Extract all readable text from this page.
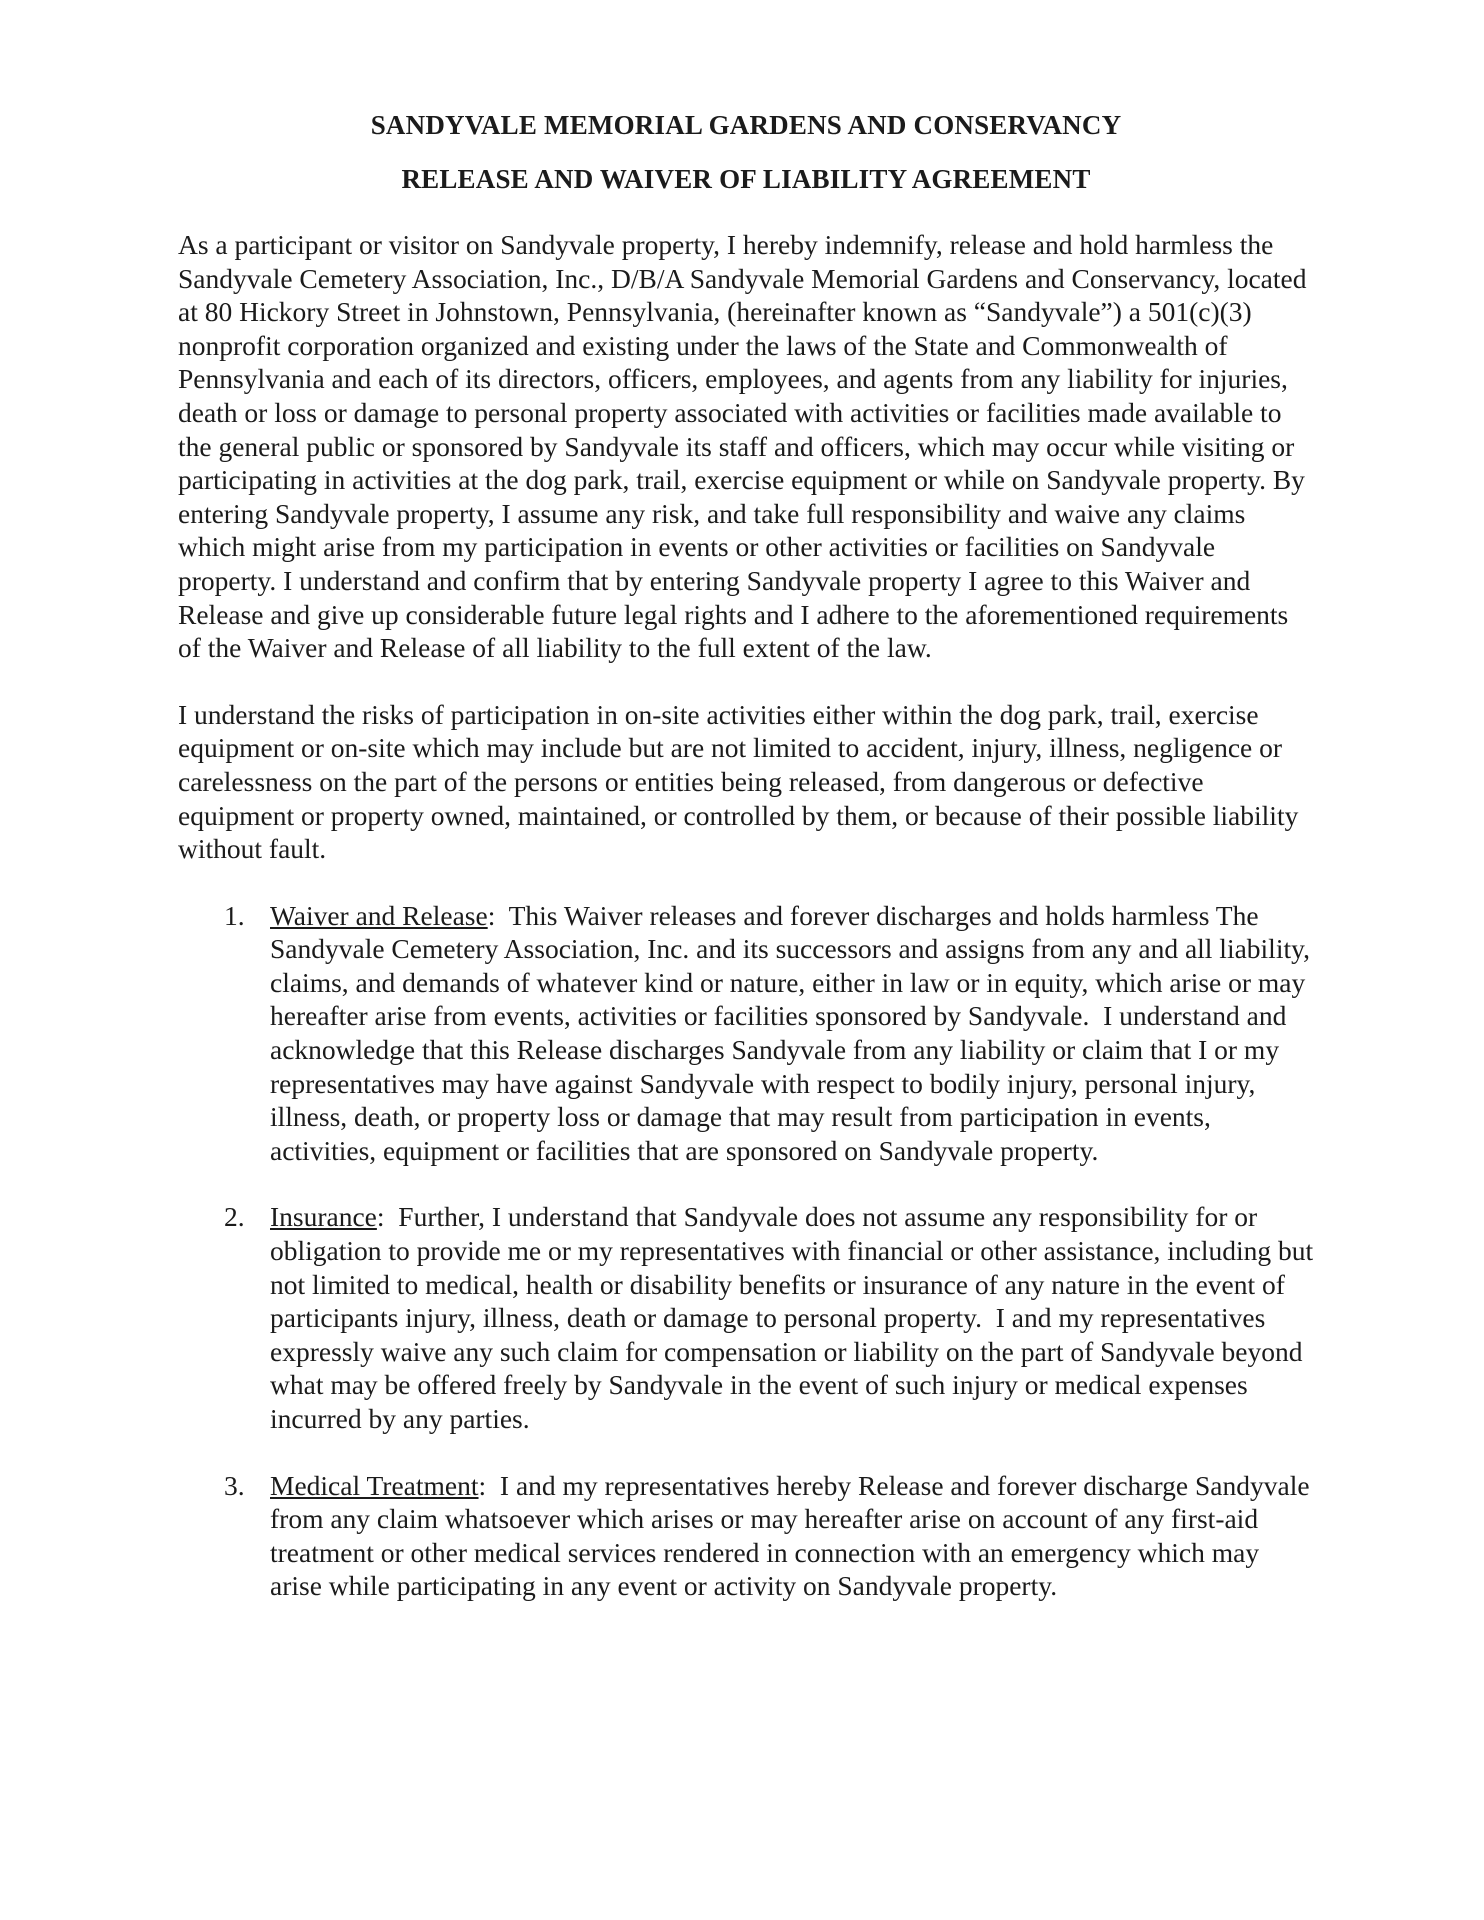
SANDYVALE MEMORIAL GARDENS AND CONSERVANCY

RELEASE AND WAIVER OF LIABILITY AGREEMENT

As a participant or visitor on Sandyvale property, I hereby indemnify, release and hold harmless the Sandyvale Cemetery Association, Inc., D/B/A Sandyvale Memorial Gardens and Conservancy, located at 80 Hickory Street in Johnstown, Pennsylvania, (hereinafter known as “Sandyvale”) a 501(c)(3) nonprofit corporation organized and existing under the laws of the State and Commonwealth of Pennsylvania and each of its directors, officers, employees, and agents from any liability for injuries, death or loss or damage to personal property associated with activities or facilities made available to the general public or sponsored by Sandyvale its staff and officers, which may occur while visiting or participating in activities at the dog park, trail, exercise equipment or while on Sandyvale property. By entering Sandyvale property, I assume any risk, and take full responsibility and waive any claims which might arise from my participation in events or other activities or facilities on Sandyvale property. I understand and confirm that by entering Sandyvale property I agree to this Waiver and Release and give up considerable future legal rights and I adhere to the aforementioned requirements of the Waiver and Release of all liability to the full extent of the law.

I understand the risks of participation in on-site activities either within the dog park, trail, exercise equipment or on-site which may include but are not limited to accident, injury, illness, negligence or carelessness on the part of the persons or entities being released, from dangerous or defective equipment or property owned, maintained, or controlled by them, or because of their possible liability without fault.

1. Waiver and Release:  This Waiver releases and forever discharges and holds harmless The Sandyvale Cemetery Association, Inc. and its successors and assigns from any and all liability, claims, and demands of whatever kind or nature, either in law or in equity, which arise or may hereafter arise from events, activities or facilities sponsored by Sandyvale.  I understand and acknowledge that this Release discharges Sandyvale from any liability or claim that I or my representatives may have against Sandyvale with respect to bodily injury, personal injury, illness, death, or property loss or damage that may result from participation in events, activities, equipment or facilities that are sponsored on Sandyvale property.
2. Insurance:  Further, I understand that Sandyvale does not assume any responsibility for or obligation to provide me or my representatives with financial or other assistance, including but not limited to medical, health or disability benefits or insurance of any nature in the event of participants injury, illness, death or damage to personal property.  I and my representatives expressly waive any such claim for compensation or liability on the part of Sandyvale beyond what may be offered freely by Sandyvale in the event of such injury or medical expenses incurred by any parties.
3. Medical Treatment:  I and my representatives hereby Release and forever discharge Sandyvale from any claim whatsoever which arises or may hereafter arise on account of any first-aid treatment or other medical services rendered in connection with an emergency which may arise while participating in any event or activity on Sandyvale property.
